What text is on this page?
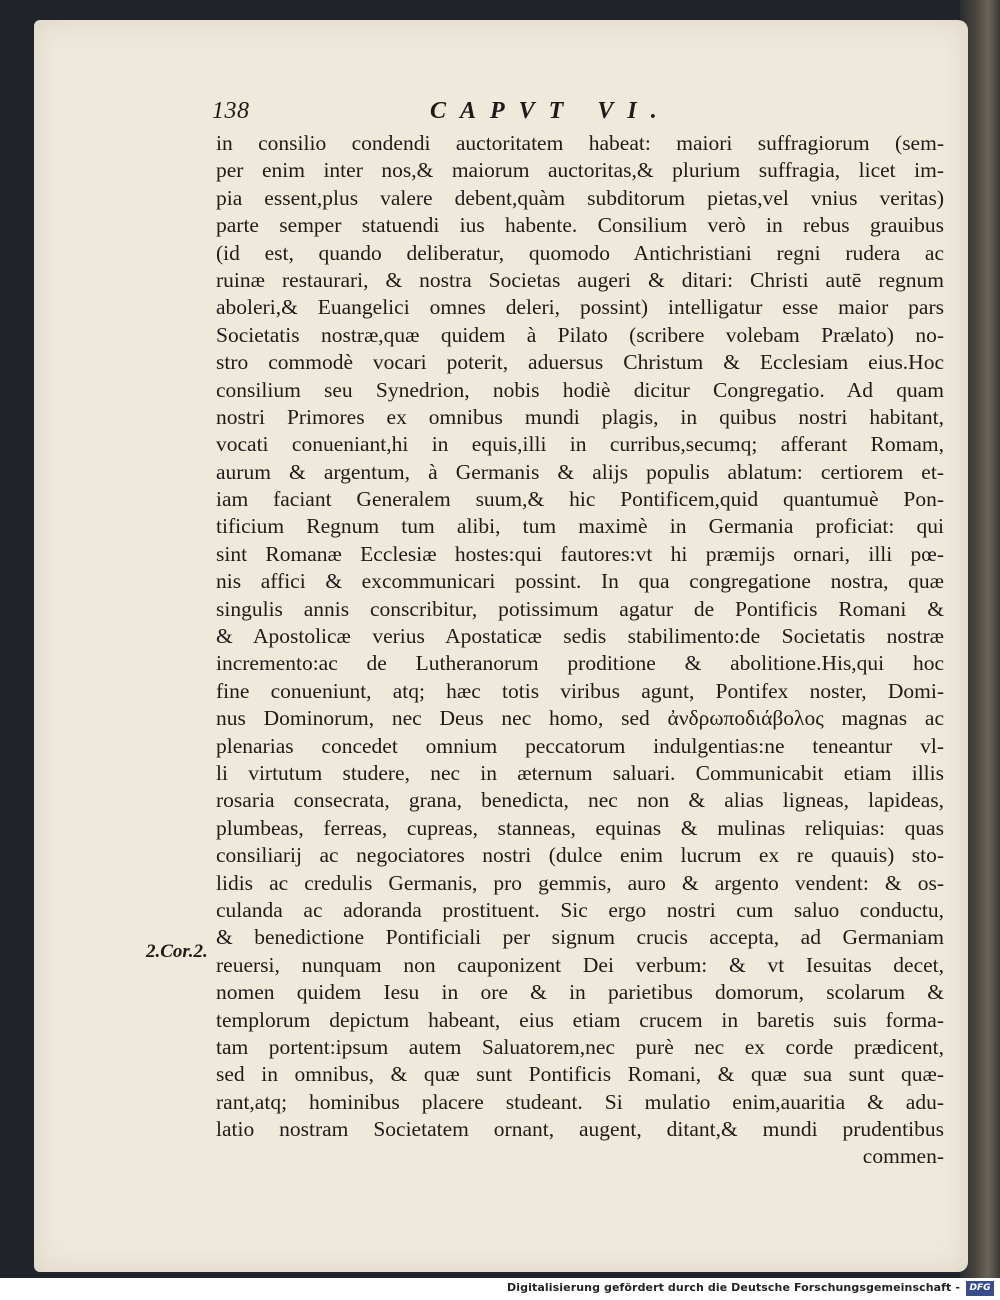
138	CAPVT VI.
2.Cor.2.
in consilio condendi auctoritatem habeat: maiori suffragiorum (sem-
per enim inter nos,& maiorum auctoritas,& plurium suffragia, licet im-
pia essent,plus valere debent,quàm subditorum pietas,vel vnius veritas)
parte semper statuendi ius habente. Consilium verò in rebus grauibus
(id est, quando deliberatur, quomodo Antichristiani regni rudera ac
ruinæ restaurari, & nostra Societas augeri & ditari: Christi autē regnum
aboleri,& Euangelici omnes deleri, possint) intelligatur esse maior pars
Societatis nostræ,quæ quidem à Pilato (scribere volebam Prælato) no-
stro commodè vocari poterit, aduersus Christum & Ecclesiam eius.Hoc
consilium seu Synedrion, nobis hodiè dicitur Congregatio. Ad quam
nostri Primores ex omnibus mundi plagis, in quibus nostri habitant,
vocati conueniant,hi in equis,illi in curribus,secumq; afferant Romam,
aurum & argentum, à Germanis & alijs populis ablatum: certiorem et-
iam faciant Generalem suum,& hic Pontificem,quid quantumuè Pon-
tificium Regnum tum alibi, tum maximè in Germania proficiat: qui
sint Romanæ Ecclesiæ hostes:qui fautores:vt hi præmijs ornari, illi pœ-
nis affici & excommunicari possint. In qua congregatione nostra, quæ
singulis annis conscribitur, potissimum agatur de Pontificis Romani &
& Apostolicæ verius Apostaticæ sedis stabilimento:de Societatis nostræ
incremento:ac de Lutheranorum proditione & abolitione.His,qui hoc
fine conueniunt, atq; hæc totis viribus agunt, Pontifex noster, Domi-
nus Dominorum, nec Deus nec homo, sed ἀνδρωποδιάβολος magnas ac
plenarias concedet omnium peccatorum indulgentias:ne teneantur vl-
li virtutum studere, nec in æternum saluari. Communicabit etiam illis
rosaria consecrata, grana, benedicta, nec non & alias ligneas, lapideas,
plumbeas, ferreas, cupreas, stanneas, equinas & mulinas reliquias: quas
consiliarij ac negociatores nostri (dulce enim lucrum ex re quauis) sto-
lidis ac credulis Germanis, pro gemmis, auro & argento vendent: & os-
culanda ac adoranda prostituent. Sic ergo nostri cum saluo conductu,
& benedictione Pontificiali per signum crucis accepta, ad Germaniam
reuersi, nunquam non cauponizent Dei verbum: & vt Iesuitas decet,
nomen quidem Iesu in ore & in parietibus domorum, scolarum &
templorum depictum habeant, eius etiam crucem in baretis suis forma-
tam portent:ipsum autem Saluatorem,nec purè nec ex corde prædicent,
sed in omnibus, & quæ sunt Pontificis Romani, & quæ sua sunt quæ-
rant,atq; hominibus placere studeant. Si mulatio enim,auaritia & adu-
latio nostram Societatem ornant, augent, ditant,& mundi prudentibus
commen-
Digitalisierung gefördert durch die Deutsche Forschungsgemeinschaft -	DFG
